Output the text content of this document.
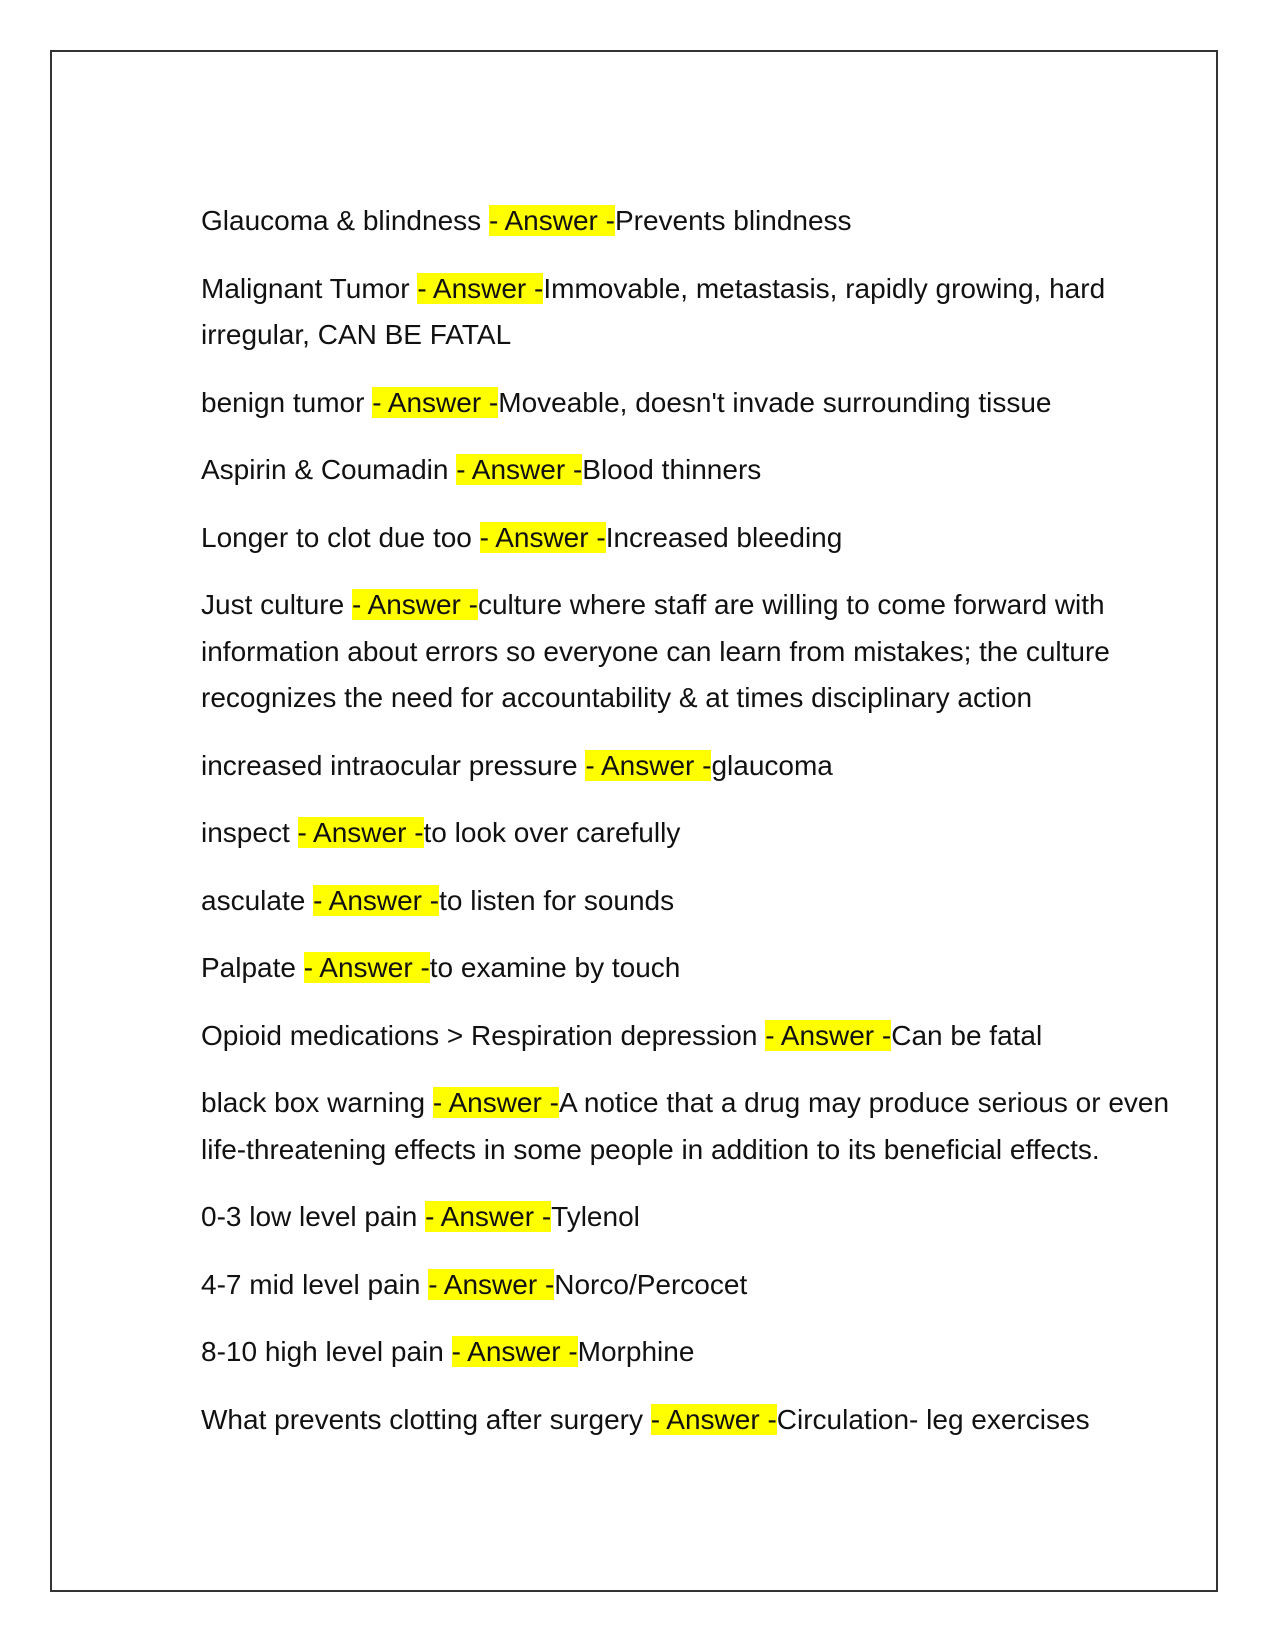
Glaucoma & blindness - Answer -Prevents blindness

Malignant Tumor - Answer -Immovable, metastasis, rapidly growing, hard irregular, CAN BE FATAL

benign tumor - Answer -Moveable, doesn't invade surrounding tissue

Aspirin & Coumadin - Answer -Blood thinners

Longer to clot due too - Answer -Increased bleeding

Just culture - Answer -culture where staff are willing to come forward with information about errors so everyone can learn from mistakes; the culture recognizes the need for accountability & at times disciplinary action

increased intraocular pressure - Answer -glaucoma

inspect - Answer -to look over carefully

asculate - Answer -to listen for sounds

Palpate - Answer -to examine by touch

Opioid medications > Respiration depression - Answer -Can be fatal

black box warning - Answer -A notice that a drug may produce serious or even life-threatening effects in some people in addition to its beneficial effects.

0-3 low level pain - Answer -Tylenol

4-7 mid level pain - Answer -Norco/Percocet

8-10 high level pain - Answer -Morphine

What prevents clotting after surgery - Answer -Circulation- leg exercises
